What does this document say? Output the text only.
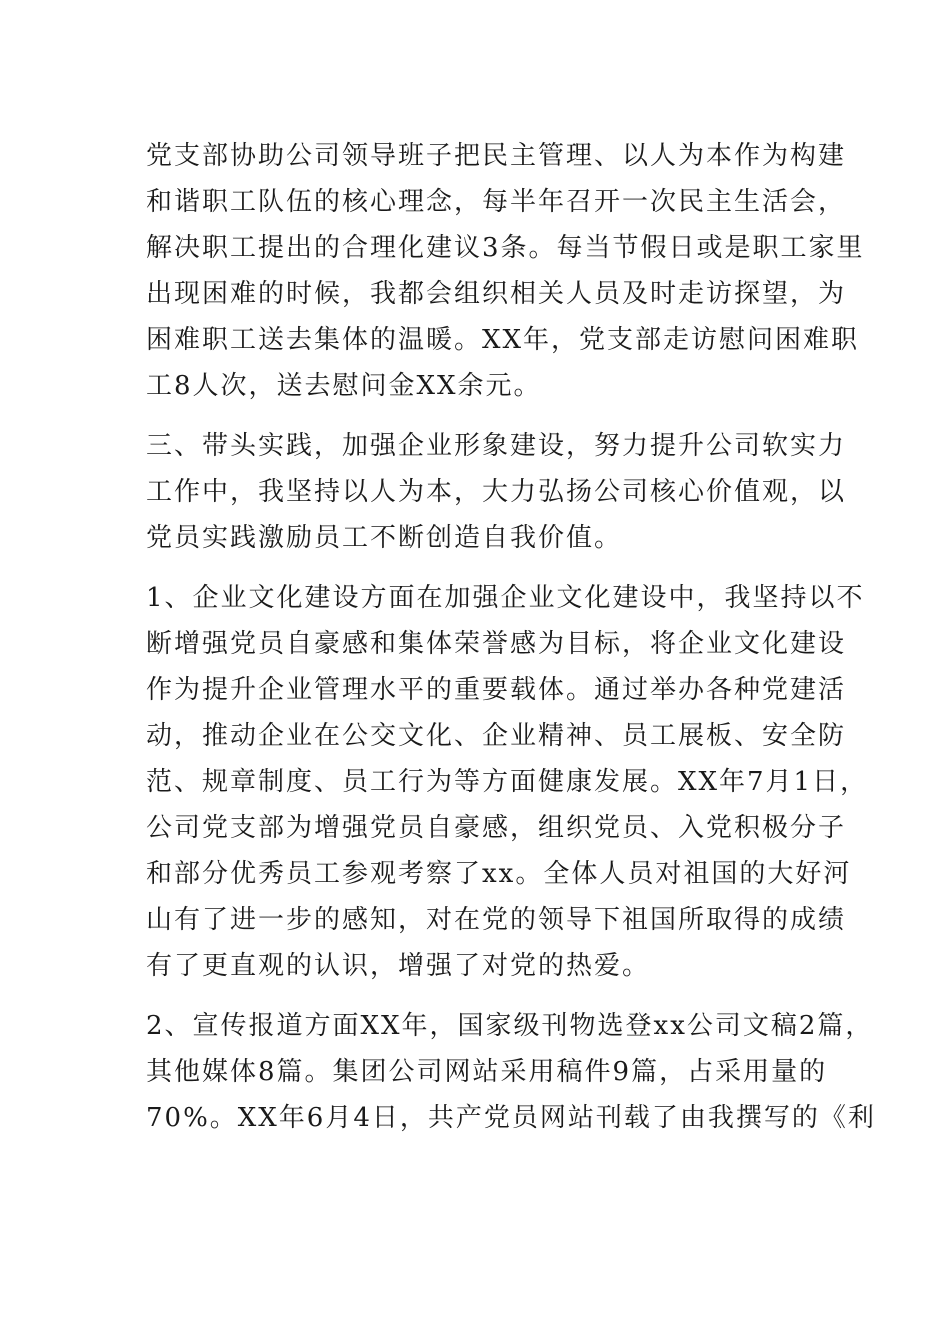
党支部协助公司领导班子把民主管理、以人为本作为构建
和谐职工队伍的核心理念，每半年召开一次民主生活会，
解决职工提出的合理化建议3条。每当节假日或是职工家里
出现困难的时候，我都会组织相关人员及时走访探望，为
困难职工送去集体的温暖。XX年，党支部走访慰问困难职
工8人次，送去慰问金XX余元。
三、带头实践，加强企业形象建设，努力提升公司软实力
工作中，我坚持以人为本，大力弘扬公司核心价值观，以
党员实践激励员工不断创造自我价值。
1、企业文化建设方面在加强企业文化建设中，我坚持以不
断增强党员自豪感和集体荣誉感为目标，将企业文化建设
作为提升企业管理水平的重要载体。通过举办各种党建活
动，推动企业在公交文化、企业精神、员工展板、安全防
范、规章制度、员工行为等方面健康发展。XX年7月1日，
公司党支部为增强党员自豪感，组织党员、入党积极分子
和部分优秀员工参观考察了xx。全体人员对祖国的大好河
山有了进一步的感知，对在党的领导下祖国所取得的成绩
有了更直观的认识，增强了对党的热爱。
2、宣传报道方面XX年，国家级刊物选登xx公司文稿2篇，
其他媒体8篇。集团公司网站采用稿件9篇，占采用量的
70%。XX年6月4日，共产党员网站刊载了由我撰写的《利
